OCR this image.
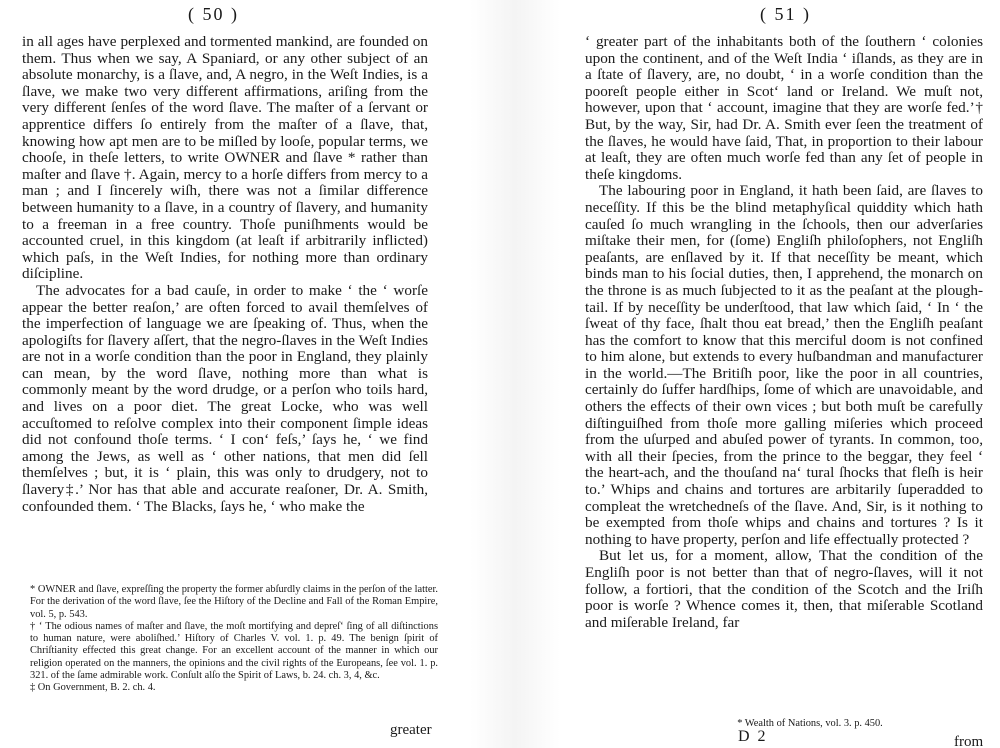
( 50 )

in all ages have perplexed and tormented mankind, are founded on them. Thus when we say, A Spaniard, or any other subject of an absolute monarchy, is a ſlave, and, A negro, in the Weſt Indies, is a ſlave, we make two very different affirmations, ariſing from the very different ſenſes of the word ſlave. The maſter of a ſervant or apprentice differs ſo entirely from the maſter of a ſlave, that, knowing how apt men are to be miſled by looſe, popular terms, we chooſe, in theſe letters, to write OWNER and ſlave * rather than maſter and ſlave †. Again, mercy to a horſe differs from mercy to a man ; and I ſincerely wiſh, there was not a ſimilar difference between humanity to a ſlave, in a country of ſlavery, and humanity to a freeman in a free country. Thoſe puniſhments would be accounted cruel, in this kingdom (at leaſt if arbitrarily inflicted) which paſs, in the Weſt Indies, for nothing more than ordinary diſcipline.

The advocates for a bad cauſe, in order to make ‘ the ‘ worſe appear the better reaſon,’ are often forced to avail themſelves of the imperfection of language we are ſpeaking of. Thus, when the apologiſts for ſlavery aſſert, that the negro-ſlaves in the Weſt Indies are not in a worſe condition than the poor in England, they plainly can mean, by the word ſlave, nothing more than what is commonly meant by the word drudge, or a perſon who toils hard, and lives on a poor diet. The great Locke, who was well accuſtomed to reſolve complex into their component ſimple ideas did not confound thoſe terms. ‘ I con‘ feſs,’ ſays he, ‘ we find among the Jews, as well as ‘ other nations, that men did ſell themſelves ; but, it is ‘ plain, this was only to drudgery, not to ſlavery‡.’ Nor has that able and accurate reaſoner, Dr. A. Smith, confounded them. ‘ The Blacks, ſays he, ‘ who make the

* OWNER and ſlave, expreſſing the property the former abſurdly claims in the perſon of the latter. For the derivation of the word ſlave, ſee the Hiſtory of the Decline and Fall of the Roman Empire, vol. 5, p. 543.

† ‘ The odious names of maſter and ſlave, the moſt mortifying and depreſ‘ ſing of all diſtinctions to human nature, were aboliſhed.’ Hiſtory of Charles V. vol. 1. p. 49. The benign ſpirit of Chriſtianity effected this great change. For an excellent account of the manner in which our religion operated on the manners, the opinions and the civil rights of the Europeans, ſee vol. 1. p. 321. of the ſame admirable work. Conſult alſo the Spirit of Laws, b. 24. ch. 3, 4, &c.

‡ On Government, B. 2. ch. 4.

greater
( 51 )

‘ greater part of the inhabitants both of the ſouthern ‘ colonies upon the continent, and of the Weſt India ‘ iſlands, as they are in a ſtate of ſlavery, are, no doubt, ‘ in a worſe condition than the pooreſt people either in Scot‘ land or Ireland. We muſt not, however, upon that ‘ account, imagine that they are worſe fed.’† But, by the way, Sir, had Dr. A. Smith ever ſeen the treatment of the ſlaves, he would have ſaid, That, in proportion to their labour at leaſt, they are often much worſe fed than any ſet of people in theſe kingdoms.

The labouring poor in England, it hath been ſaid, are ſlaves to neceſſity. If this be the blind metaphyſical quiddity which hath cauſed ſo much wrangling in the ſchools, then our adverſaries miſtake their men, for (ſome) Engliſh philoſophers, not Engliſh peaſants, are enſlaved by it. If that neceſſity be meant, which binds man to his ſocial duties, then, I apprehend, the monarch on the throne is as much ſubjected to it as the peaſant at the plough-tail. If by neceſſity be underſtood, that law which ſaid, ‘ In ‘ the ſweat of thy face, ſhalt thou eat bread,’ then the Engliſh peaſant has the comfort to know that this merciful doom is not confined to him alone, but extends to every huſbandman and manufacturer in the world.—The Britiſh poor, like the poor in all countries, certainly do ſuffer hardſhips, ſome of which are unavoidable, and others the effects of their own vices ; but both muſt be carefully diſtinguiſhed from thoſe more galling miſeries which proceed from the uſurped and abuſed power of tyrants. In common, too, with all their ſpecies, from the prince to the beggar, they feel ‘ the heart-ach, and the thouſand na‘ tural ſhocks that fleſh is heir to.’ Whips and chains and tortures are arbitarily ſuperadded to compleat the wretchedneſs of the ſlave. And, Sir, is it nothing to be exempted from thoſe whips and chains and tortures ? Is it nothing to have property, perſon and life effectually protected ?

But let us, for a moment, allow, That the condition of the Engliſh poor is not better than that of negro-ſlaves, will it not follow, a fortiori, that the condition of the Scotch and the Iriſh poor is worſe ? Whence comes it, then, that miſerable Scotland and miſerable Ireland, far

* Wealth of Nations, vol. 3. p. 450.

D 2	from
